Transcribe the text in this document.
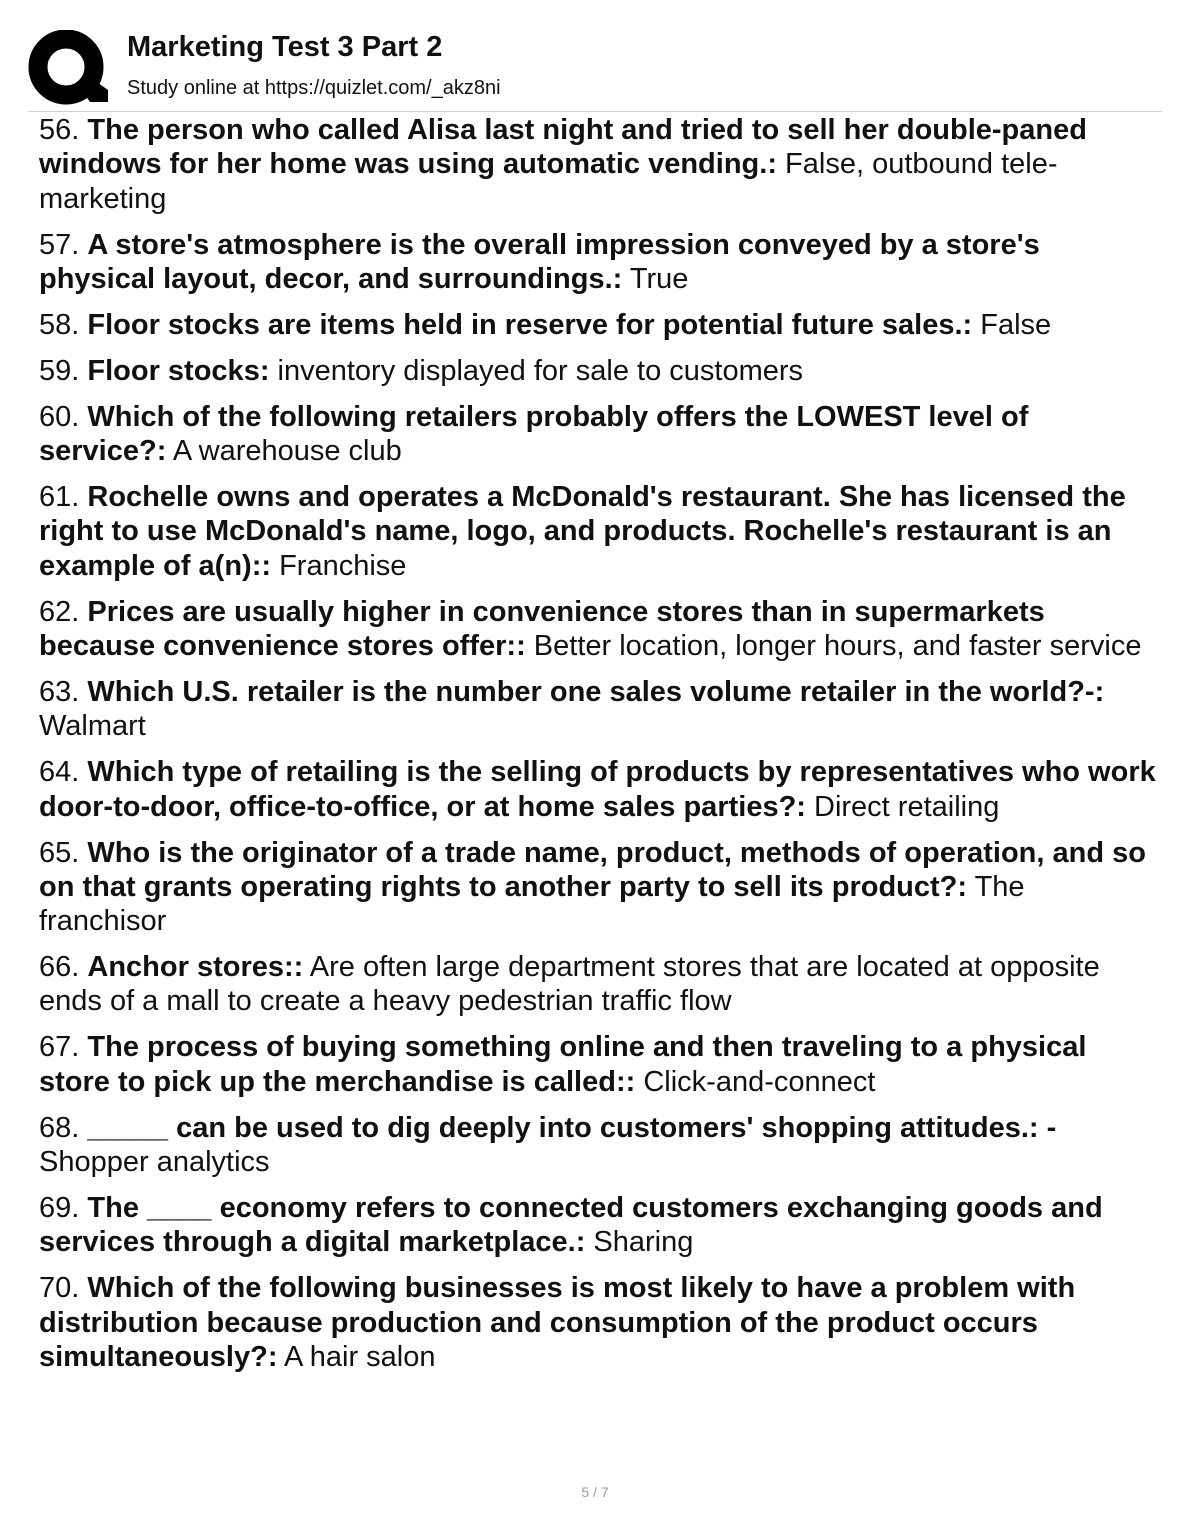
Marketing Test 3 Part 2
Study online at https://quizlet.com/_akz8ni
56. The person who called Alisa last night and tried to sell her double-paned windows for her home was using automatic vending.: False, outbound tele-marketing
57. A store's atmosphere is the overall impression conveyed by a store's physical layout, decor, and surroundings.: True
58. Floor stocks are items held in reserve for potential future sales.: False
59. Floor stocks: inventory displayed for sale to customers
60. Which of the following retailers probably offers the LOWEST level of service?: A warehouse club
61. Rochelle owns and operates a McDonald's restaurant. She has licensed the right to use McDonald's name, logo, and products. Rochelle's restaurant is an example of a(n):: Franchise
62. Prices are usually higher in convenience stores than in supermarkets because convenience stores offer:: Better location, longer hours, and faster service
63. Which U.S. retailer is the number one sales volume retailer in the world?-: Walmart
64. Which type of retailing is the selling of products by representatives who work door-to-door, office-to-office, or at home sales parties?: Direct retailing
65. Who is the originator of a trade name, product, methods of operation, and so on that grants operating rights to another party to sell its product?: The franchisor
66. Anchor stores:: Are often large department stores that are located at opposite ends of a mall to create a heavy pedestrian traffic flow
67. The process of buying something online and then traveling to a physical store to pick up the merchandise is called:: Click-and-connect
68. _____ can be used to dig deeply into customers' shopping attitudes.: - Shopper analytics
69. The ____ economy refers to connected customers exchanging goods and services through a digital marketplace.: Sharing
70. Which of the following businesses is most likely to have a problem with distribution because production and consumption of the product occurs simultaneously?: A hair salon
5 / 7
